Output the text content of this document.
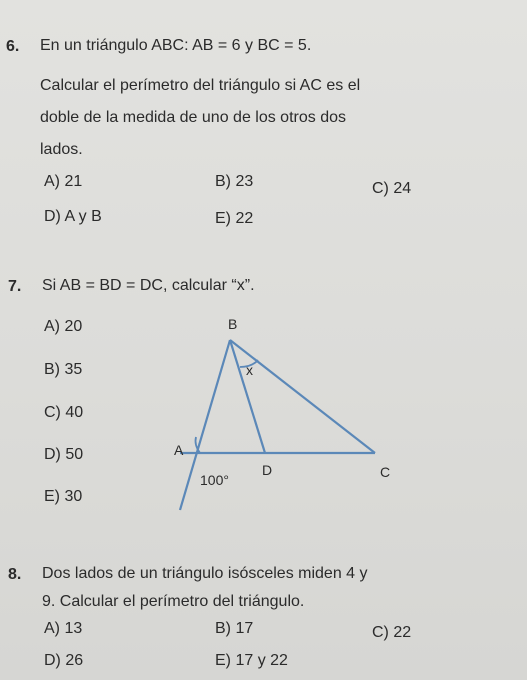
6. En un triángulo ABC: AB = 6 y BC = 5.
Calcular el perímetro del triángulo si AC es el
doble de la medida de uno de los otros dos
lados.
A) 21	B) 23	C) 24
D) A y B	E) 22
7. Si AB = BD = DC, calcular “x”.
A) 20
B) 35
C) 40
D) 50
E) 30
B
x
A
D	C
100°
8. Dos lados de un triángulo isósceles miden 4 y
9. Calcular el perímetro del triángulo.
A) 13	B) 17	C) 22
D) 26	E) 17 y 22
